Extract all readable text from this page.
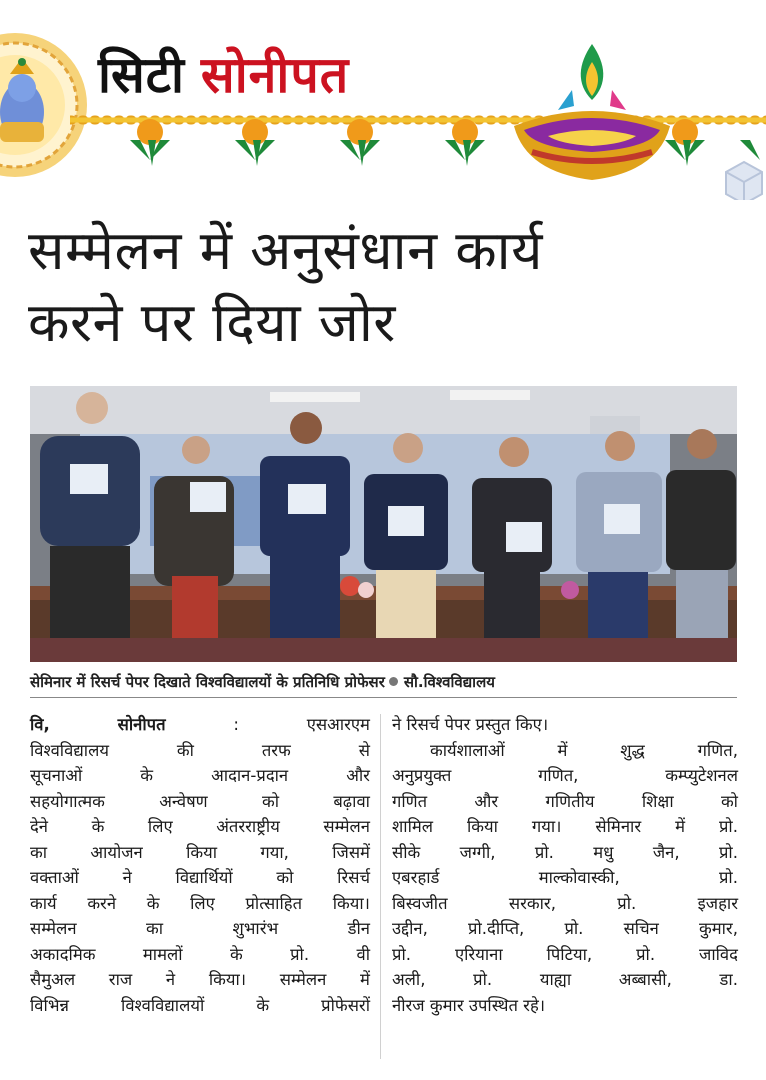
सिटी सोनीपत
सम्मेलन में अनुसंधान कार्य
करने पर दिया जोर
सेमिनार में रिसर्च पेपर दिखाते विश्वविद्यालयों के प्रतिनिधि प्रोफेसर सौ.विश्वविद्यालय
वि,	सोनीपत	:	एसआरएम
विश्वविद्यालय	की	तरफ	से
सूचनाओं	के	आदान-प्रदान	और
सहयोगात्मक	अन्वेषण	को	बढ़ावा
देने	के	लिए	अंतरराष्ट्रीय	सम्मेलन
का	आयोजन	किया	गया,	जिसमें
वक्ताओं	ने	विद्यार्थियों	को	रिसर्च
कार्य करने के लिए प्रोत्साहित किया।
सम्मेलन	का	शुभारंभ	डीन
अकादमिक	मामलों	के	प्रो.	वी
सैमुअल राज ने किया। सम्मेलन में
विभिन्न	विश्वविद्यालयों	के	प्रोफेसरों
ने रिसर्च पेपर प्रस्तुत किए।
कार्यशालाओं	में	शुद्ध	गणित,
अनुप्रयुक्त	गणित,	कम्प्युटेशनल
गणित	और	गणितीय	शिक्षा	को
शामिल किया गया। सेमिनार में प्रो.
सीके जग्गी, प्रो. मधु जैन, प्रो.
एबरहार्ड	माल्कोवास्की,	प्रो.
बिस्वजीत	सरकार,	प्रो.	इजहार
उद्दीन, प्रो.दीप्ति, प्रो. सचिन कुमार,
प्रो.	एरियाना	पिटिया,	प्रो.	जाविद
अली,	प्रो.	याह्या	अब्बासी,	डा.
नीरज कुमार उपस्थित रहे।
